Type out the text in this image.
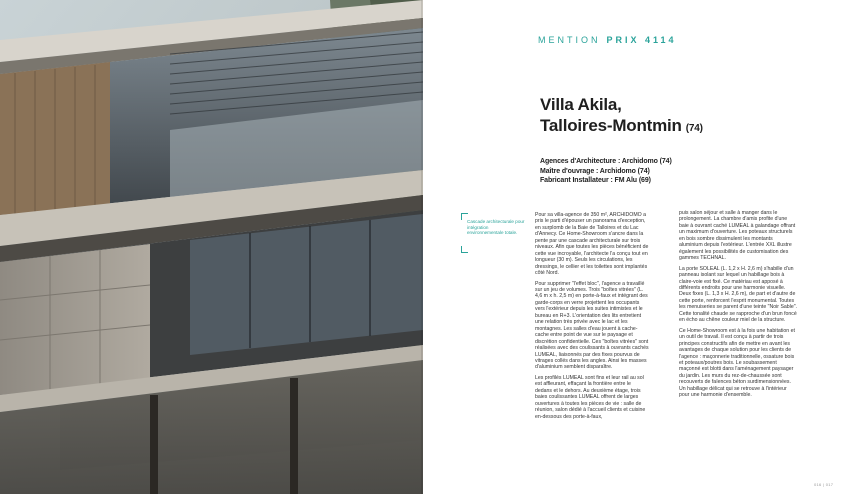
MENTION PRIX 4114
Villa Akila,
Talloires-Montmin (74)
Agences d'Architecture : Archidomo (74)
Maître d'ouvrage : Archidomo (74)
Fabricant Installateur : FM Alu (69)
Cascade architecturale pour intégration environnementale totale.

Pour sa villa-agence de 350 m², ARCHIDOMO a pris le parti d'épouser un panorama d'exception, en surplomb de la Baie de Talloires et du Lac d'Annecy. Ce Home-Showroom s'ancre dans la pente par une cascade architecturale sur trois niveaux. Afin que toutes les pièces bénéficient de cette vue incroyable, l'architecte l'a conçu tout en longueur (30 m). Seuls les circulations, les dressings, le cellier et les toilettes sont implantés côté Nord.

Pour supprimer "l'effet bloc", l'agence a travaillé sur un jeu de volumes. Trois "boîtes vitrées" (L. 4,6 m x h. 2,5 m) en porte-à-faux et intégrant des garde-corps en verre projettent les occupants vers l'extérieur depuis les suites intimistes et le bureau en R+3. L'orientation des lits entretient une relation très privée avec le lac et les montagnes. Les salles d'eau jouent à cache-cache entre point de vue sur le paysage et discrétion confidentielle. Ces "boîtes vitrées" sont réalisées avec des coulissants à ouvrants cachés LUMEAL, liaisonnés par des fixes pourvus de vitrages collés dans les angles. Ainsi les masses d'aluminium semblent disparaître.

Les profilés LUMEAL sont fins et leur rail au sol est affleurant, effaçant la frontière entre le dedans et le dehors. Au deuxième étage, trois baies coulissantes LUMEAL offrent de larges ouvertures à toutes les pièces de vie : salle de réunion, salon dédié à l'accueil clients et cuisine en-dessous des porte-à-faux,

puis salon séjour et salle à manger dans le prolongement. La chambre d'amis profite d'une baie à ouvrant caché LUMEAL à galandage offrant un maximum d'ouverture. Les poteaux structurels en bois sombre dissimulent les montants aluminium depuis l'extérieur. L'entrée XXL illustre également les possibilités de customisation des gammes TECHNAL.

La porte SOLEAL (L. 1,2 x H. 2,6 m) s'habille d'un panneau isolant sur lequel un habillage bois à claire-voie est fixé. Ce matériau est apposé à différents endroits pour une harmonie visuelle. Deux fixes (L. 1,3 x H. 2,6 m), de part et d'autre de cette porte, renforcent l'esprit monumental. Toutes les menuiseries se parent d'une teinte "Noir Sable". Cette tonalité chaude se rapproche d'un brun foncé en écho au chêne couleur miel de la structure.

Ce Home-Showroom est à la fois une habitation et un outil de travail. Il est conçu à partir de trois principes constructifs afin de mettre en avant les avantages de chaque solution pour les clients de l'agence : maçonnerie traditionnelle, ossature bois et poteaux/poutres bois. Le soubassement maçonné est blotti dans l'aménagement paysager du jardin. Les murs du rez-de-chaussée sont recouverts de faïences béton surdimensionnées. Un habillage délicat qui se retrouve à l'intérieur pour une harmonie d'ensemble.

016 | 017
